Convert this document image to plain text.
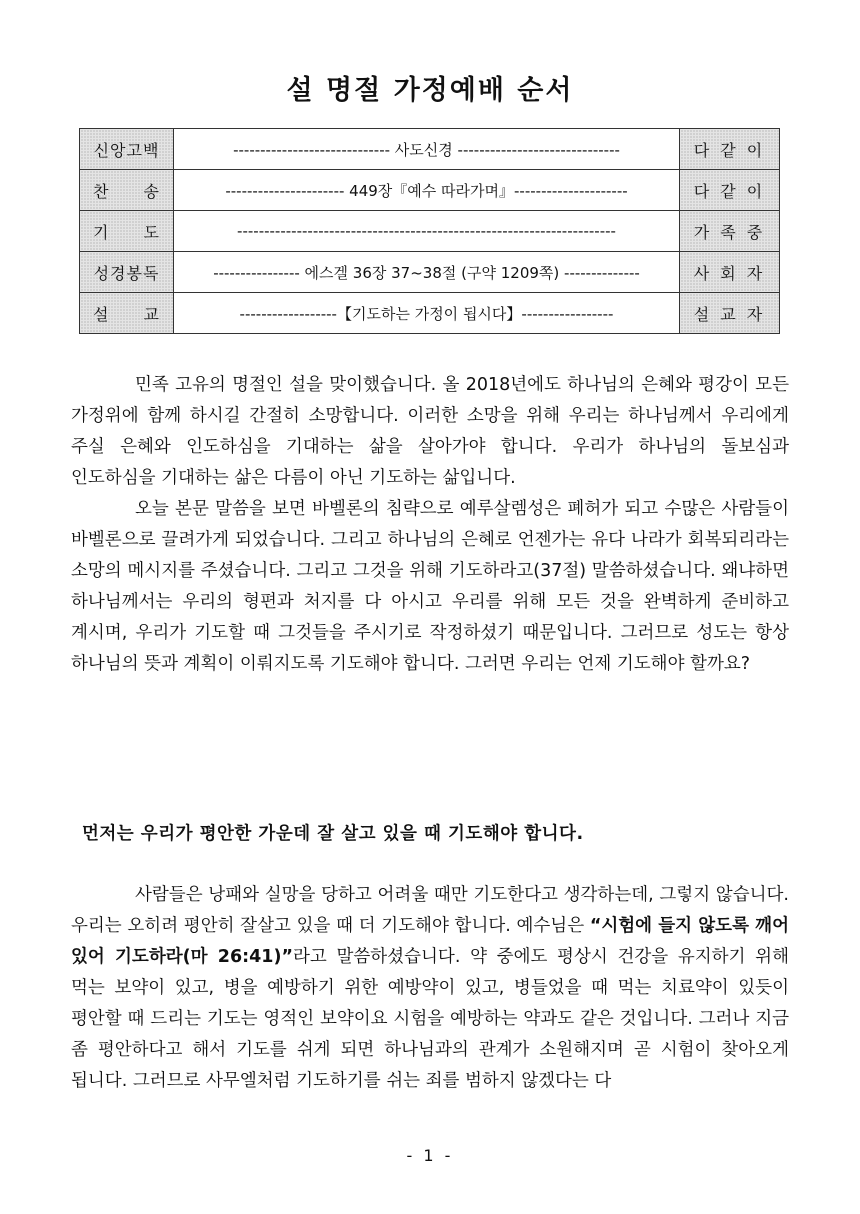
설 명절 가정예배 순서
신앙고백	----------------------------- 사도신경 ------------------------------	다 같 이
찬　　송	---------------------- 449장『예수 따라가며』---------------------	다 같 이
기　　도	----------------------------------------------------------------------	가 족 중
성경봉독	---------------- 에스겔 36장 37~38절 (구약 1209쪽) --------------	사 회 자
설　　교	------------------【기도하는 가정이 됩시다】-----------------	설 교 자

민족 고유의 명절인 설을 맞이했습니다. 올 2018년에도 하나님의 은혜와 평강이 모든 가정위에 함께 하시길 간절히 소망합니다. 이러한 소망을 위해 우리는 하나님께서 우리에게 주실 은혜와 인도하심을 기대하는 삶을 살아가야 합니다. 우리가 하나님의 돌보심과 인도하심을 기대하는 삶은 다름이 아닌 기도하는 삶입니다.

오늘 본문 말씀을 보면 바벨론의 침략으로 예루살렘성은 폐허가 되고 수많은 사람들이 바벨론으로 끌려가게 되었습니다. 그리고 하나님의 은혜로 언젠가는 유다 나라가 회복되리라는 소망의 메시지를 주셨습니다. 그리고 그것을 위해 기도하라고(37절) 말씀하셨습니다. 왜냐하면 하나님께서는 우리의 형편과 처지를 다 아시고 우리를 위해 모든 것을 완벽하게 준비하고 계시며, 우리가 기도할 때 그것들을 주시기로 작정하셨기 때문입니다. 그러므로 성도는 항상 하나님의 뜻과 계획이 이뤄지도록 기도해야 합니다. 그러면 우리는 언제 기도해야 할까요?

먼저는 우리가 평안한 가운데 잘 살고 있을 때 기도해야 합니다.

사람들은 낭패와 실망을 당하고 어려울 때만 기도한다고 생각하는데, 그렇지 않습니다. 우리는 오히려 평안히 잘살고 있을 때 더 기도해야 합니다. 예수님은 “시험에 들지 않도록 깨어 있어 기도하라(마 26:41)”라고 말씀하셨습니다. 약 중에도 평상시 건강을 유지하기 위해 먹는 보약이 있고, 병을 예방하기 위한 예방약이 있고, 병들었을 때 먹는 치료약이 있듯이 평안할 때 드리는 기도는 영적인 보약이요 시험을 예방하는 약과도 같은 것입니다. 그러나 지금 좀 평안하다고 해서 기도를 쉬게 되면 하나님과의 관계가 소원해지며 곧 시험이 찾아오게 됩니다. 그러므로 사무엘처럼 기도하기를 쉬는 죄를 범하지 않겠다는 다

- 1 -
